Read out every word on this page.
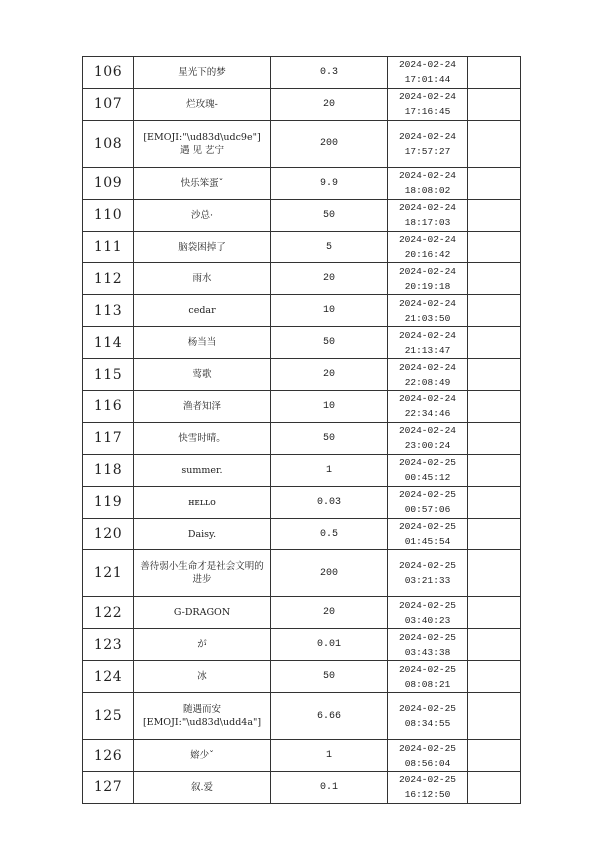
106	星光下的梦	0.3	2024-02-24
17:01:44	

107	烂玫瑰-	20	2024-02-24
17:16:45	

108	[EMOJI:"\ud83d\udc9e"]
遇 见 艺宁	200	2024-02-24
17:57:27	

109	快乐笨蛋ˇ	9.9	2024-02-24
18:08:02	

110	沙总·	50	2024-02-24
18:17:03	

111	脑袋困掉了	5	2024-02-24
20:16:42	

112	雨水	20	2024-02-24
20:19:18	

113	cedar	10	2024-02-24
21:03:50	

114	杨当当	50	2024-02-24
21:13:47	

115	莺歌	20	2024-02-24
22:08:49	

116	渔者知泽	10	2024-02-24
22:34:46	

117	快雪时晴。	50	2024-02-24
23:00:24	

118	summer.	1	2024-02-25
00:45:12	

119	ʜᴇʟʟᴏ	0.03	2024-02-25
00:57:06	

120	Daisy.	0.5	2024-02-25
01:45:54	

121	善待弱小生命才是社会文明的进步	200	2024-02-25
03:21:33	

122	G-DRAGON	20	2024-02-25
03:40:23	

123	が	0.01	2024-02-25
03:43:38	

124	冰	50	2024-02-25
08:08:21	

125	随遇而安
[EMOJI:"\ud83d\udd4a"]	6.66	2024-02-25
08:34:55	

126	嫆少ˇ	1	2024-02-25
08:56:04	

127	叙.爱	0.1	2024-02-25
16:12:50	
